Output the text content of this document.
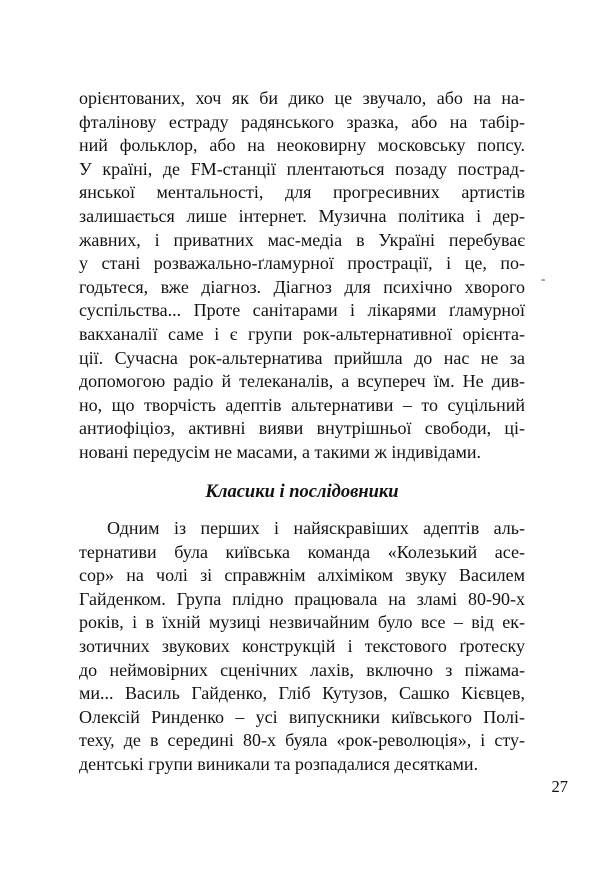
орієнтованих, хоч як би дико це звучало, або на на-
фталінову естраду радянського зразка, або на табір-
ний фольклор, або на неоковирну московську попсу.
У країні, де FM-станції плентаються позаду пострад-
янської ментальності, для прогресивних артистів
залишається лише інтернет. Музична політика і дер-
жавних, і приватних мас-медіа в Україні перебуває
у стані розважально-ґламурної прострації, і це, по-
годьтеся, вже діагноз. Діагноз для психічно хворого
суспільства... Проте санітарами і лікарями ґламурної
вакханалії саме і є групи рок-альтернативної орієнта-
ції. Сучасна рок-альтернатива прийшла до нас не за
допомогою радіо й телеканалів, а всупереч їм. Не див-
но, що творчість адептів альтернативи – то суцільний
антиофіціоз, активні вияви внутрішньої свободи, ці-
новані передусім не масами, а такими ж індивідами.
Класики і послідовники
Одним із перших і найяскравіших адептів аль-
тернативи була київська команда «Колезький асе-
сор» на чолі зі справжнім алхіміком звуку Василем
Гайденком. Група плідно працювала на зламі 80-90-х
років, і в їхній музиці незвичайним було все – від ек-
зотичних звукових конструкцій і текстового ґротеску
до неймовірних сценічних лахів, включно з піжама-
ми... Василь Гайденко, Гліб Кутузов, Сашко Кієвцев,
Олексій Ринденко – усі випускники київського Полі-
теху, де в середині 80-х буяла «рок-революція», і сту-
дентські групи виникали та розпадалися десятками.
-
27
